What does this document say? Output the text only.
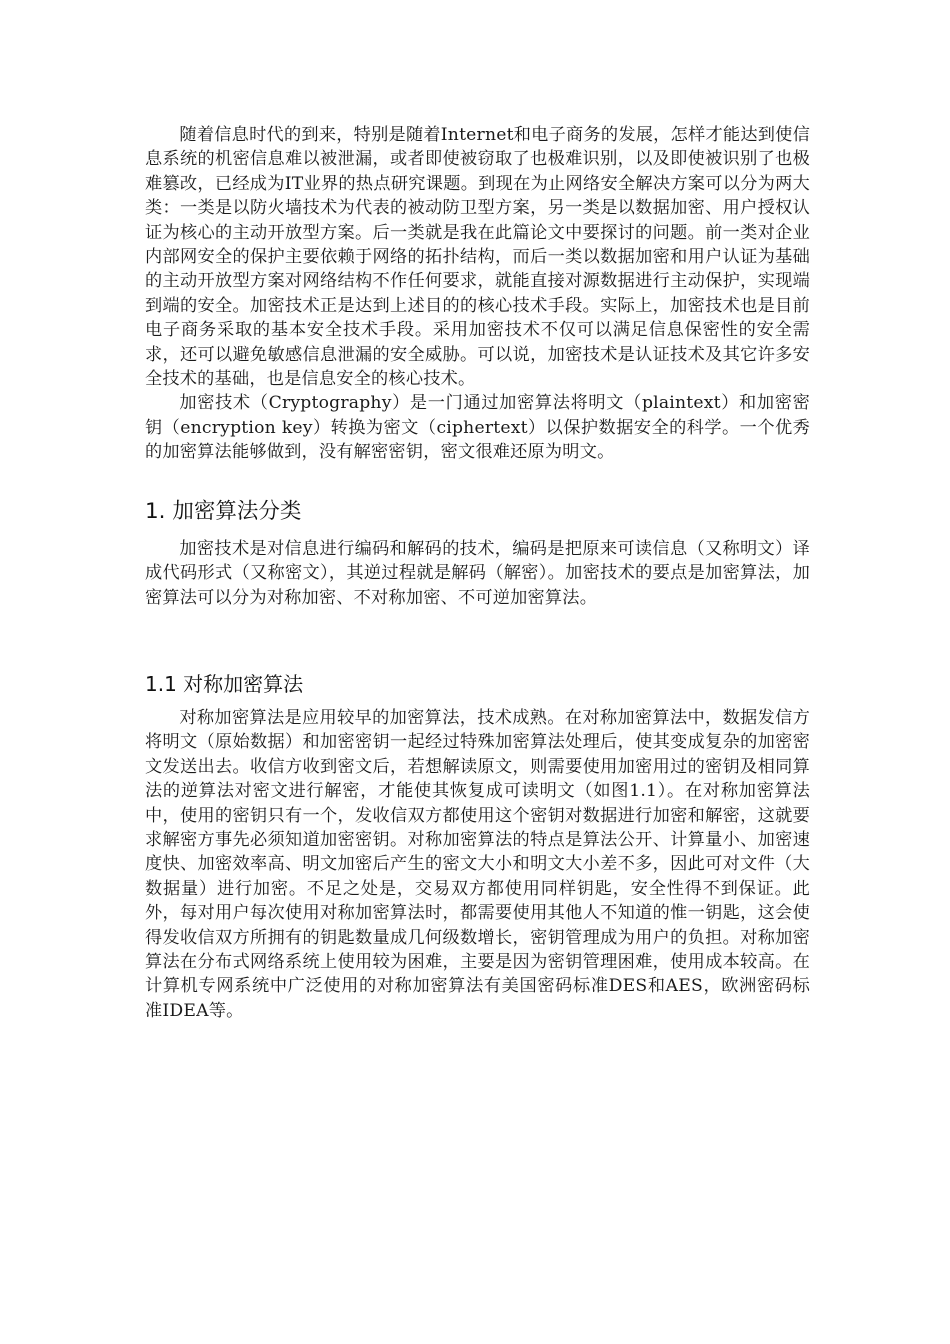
随着信息时代的到来，特别是随着Internet和电子商务的发展，怎样才能达到使信息系统的机密信息难以被泄漏，或者即使被窃取了也极难识别，以及即使被识别了也极难篡改，已经成为IT业界的热点研究课题。到现在为止网络安全解决方案可以分为两大类：一类是以防火墙技术为代表的被动防卫型方案，另一类是以数据加密、用户授权认证为核心的主动开放型方案。后一类就是我在此篇论文中要探讨的问题。前一类对企业内部网安全的保护主要依赖于网络的拓扑结构，而后一类以数据加密和用户认证为基础的主动开放型方案对网络结构不作任何要求，就能直接对源数据进行主动保护，实现端到端的安全。加密技术正是达到上述目的的核心技术手段。实际上，加密技术也是目前电子商务采取的基本安全技术手段。采用加密技术不仅可以满足信息保密性的安全需求，还可以避免敏感信息泄漏的安全威胁。可以说，加密技术是认证技术及其它许多安全技术的基础，也是信息安全的核心技术。

加密技术（Cryptography）是一门通过加密算法将明文（plaintext）和加密密钥（encryption key）转换为密文（ciphertext）以保护数据安全的科学。一个优秀的加密算法能够做到，没有解密密钥，密文很难还原为明文。

1. 加密算法分类

加密技术是对信息进行编码和解码的技术，编码是把原来可读信息（又称明文）译成代码形式（又称密文），其逆过程就是解码（解密）。加密技术的要点是加密算法，加密算法可以分为对称加密、不对称加密、不可逆加密算法。

1.1 对称加密算法

对称加密算法是应用较早的加密算法，技术成熟。在对称加密算法中，数据发信方将明文（原始数据）和加密密钥一起经过特殊加密算法处理后，使其变成复杂的加密密文发送出去。收信方收到密文后，若想解读原文，则需要使用加密用过的密钥及相同算法的逆算法对密文进行解密，才能使其恢复成可读明文（如图1.1）。在对称加密算法中，使用的密钥只有一个，发收信双方都使用这个密钥对数据进行加密和解密，这就要求解密方事先必须知道加密密钥。对称加密算法的特点是算法公开、计算量小、加密速度快、加密效率高、明文加密后产生的密文大小和明文大小差不多，因此可对文件（大数据量）进行加密。不足之处是，交易双方都使用同样钥匙，安全性得不到保证。此外，每对用户每次使用对称加密算法时，都需要使用其他人不知道的惟一钥匙，这会使得发收信双方所拥有的钥匙数量成几何级数增长，密钥管理成为用户的负担。对称加密算法在分布式网络系统上使用较为困难，主要是因为密钥管理困难，使用成本较高。在计算机专网系统中广泛使用的对称加密算法有美国密码标准DES和AES，欧洲密码标准IDEA等。
